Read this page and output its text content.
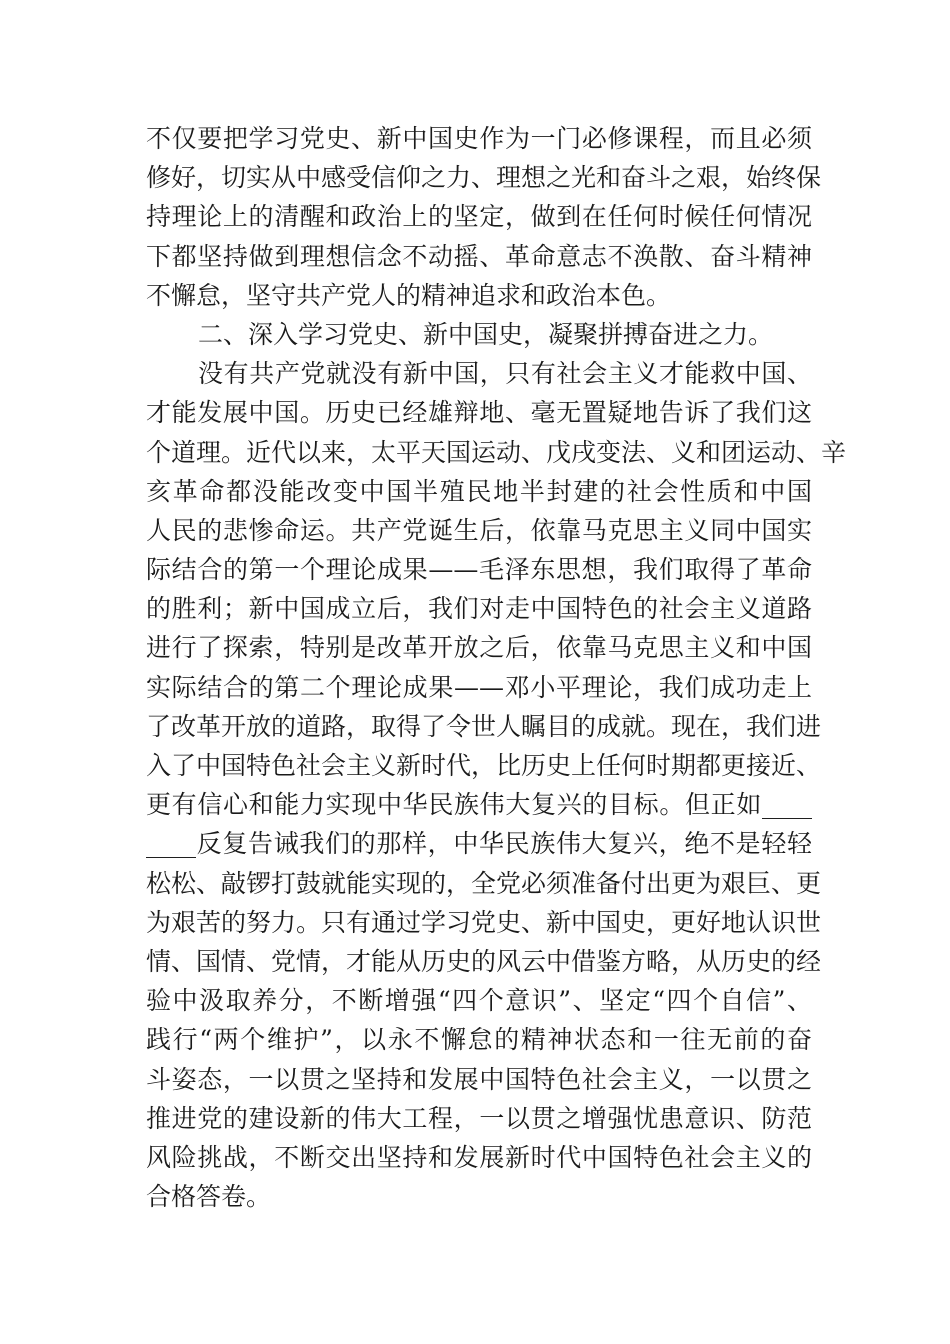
不仅要把学习党史、新中国史作为一门必修课程，而且必须
修好，切实从中感受信仰之力、理想之光和奋斗之艰，始终保
持理论上的清醒和政治上的坚定，做到在任何时候任何情况
下都坚持做到理想信念不动摇、革命意志不涣散、奋斗精神
不懈怠，坚守共产党人的精神追求和政治本色。
二、深入学习党史、新中国史，凝聚拼搏奋进之力。
没有共产党就没有新中国，只有社会主义才能救中国、
才能发展中国。历史已经雄辩地、毫无置疑地告诉了我们这
个道理。近代以来，太平天国运动、戊戌变法、义和团运动、辛
亥革命都没能改变中国半殖民地半封建的社会性质和中国
人民的悲惨命运。共产党诞生后，依靠马克思主义同中国实
际结合的第一个理论成果——毛泽东思想，我们取得了革命
的胜利；新中国成立后，我们对走中国特色的社会主义道路
进行了探索，特别是改革开放之后，依靠马克思主义和中国
实际结合的第二个理论成果——邓小平理论，我们成功走上
了改革开放的道路，取得了令世人瞩目的成就。现在，我们进
入了中国特色社会主义新时代，比历史上任何时期都更接近、
更有信心和能力实现中华民族伟大复兴的目标。但正如____
____反复告诫我们的那样，中华民族伟大复兴，绝不是轻轻
松松、敲锣打鼓就能实现的，全党必须准备付出更为艰巨、更
为艰苦的努力。只有通过学习党史、新中国史，更好地认识世
情、国情、党情，才能从历史的风云中借鉴方略，从历史的经
验中汲取养分，不断增强“四个意识”、坚定“四个自信”、
践行“两个维护”，以永不懈怠的精神状态和一往无前的奋
斗姿态，一以贯之坚持和发展中国特色社会主义，一以贯之
推进党的建设新的伟大工程，一以贯之增强忧患意识、防范
风险挑战，不断交出坚持和发展新时代中国特色社会主义的
合格答卷。
